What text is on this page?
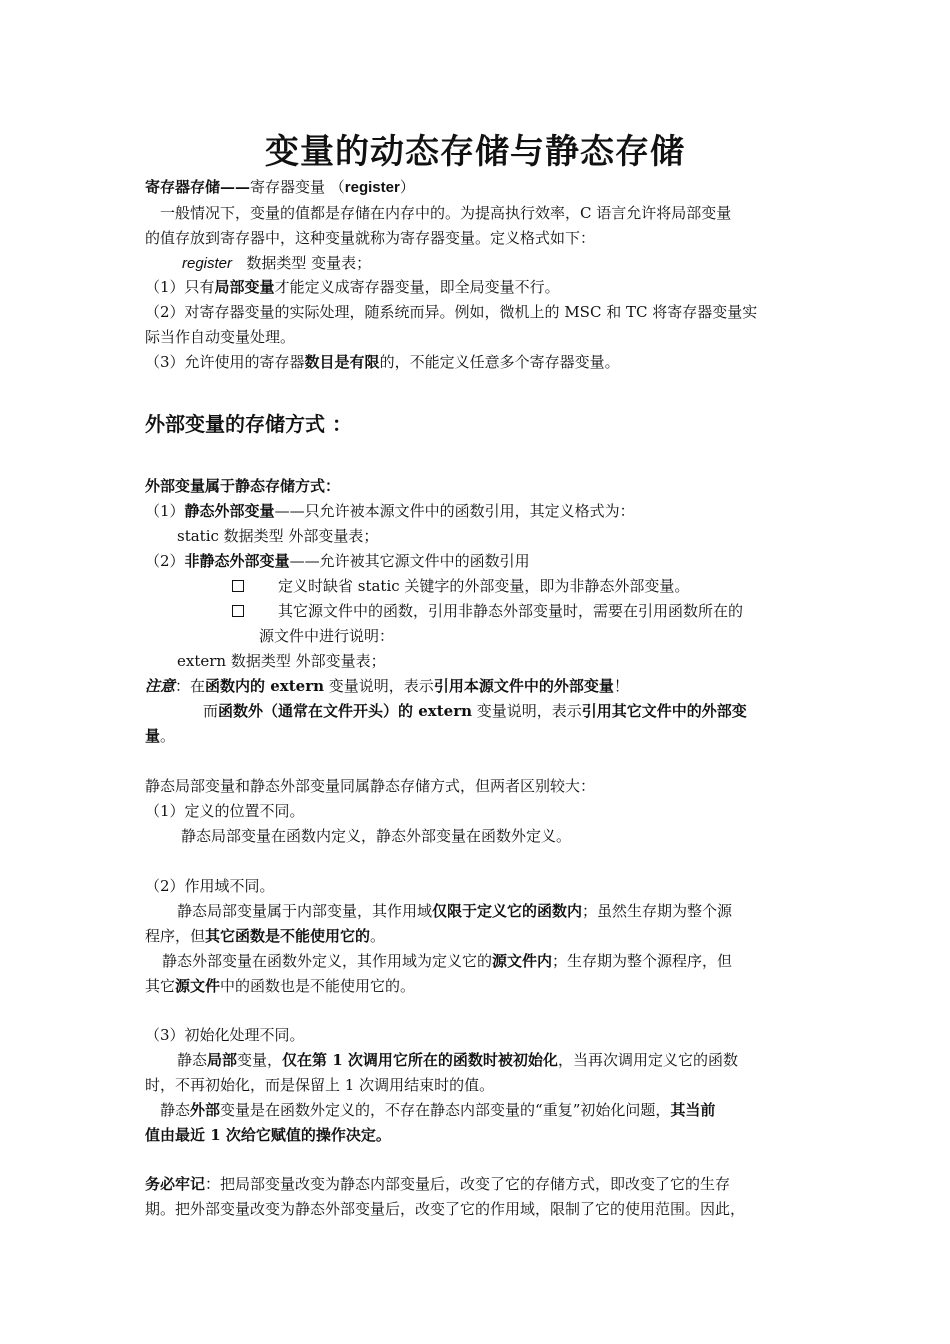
变量的动态存储与静态存储
寄存器存储——寄存器变量 （register）
一般情况下，变量的值都是存储在内存中的。为提高执行效率，C 语言允许将局部变量
的值存放到寄存器中，这种变量就称为寄存器变量。定义格式如下：
register 数据类型 变量表；
（1）只有局部变量才能定义成寄存器变量，即全局变量不行。
（2）对寄存器变量的实际处理，随系统而异。例如，微机上的 MSC 和 TC 将寄存器变量实
际当作自动变量处理。
（3）允许使用的寄存器数目是有限的，不能定义任意多个寄存器变量。
外部变量的存储方式 ：
外部变量属于静态存储方式：
（1）静态外部变量——只允许被本源文件中的函数引用，其定义格式为：
static 数据类型 外部变量表；
（2）非静态外部变量——允许被其它源文件中的函数引用
定义时缺省 static 关键字的外部变量，即为非静态外部变量。
其它源文件中的函数，引用非静态外部变量时，需要在引用函数所在的
源文件中进行说明：
extern 数据类型 外部变量表；
注意：在函数内的 extern 变量说明，表示引用本源文件中的外部变量！
而函数外（通常在文件开头）的 extern 变量说明，表示引用其它文件中的外部变
量。
静态局部变量和静态外部变量同属静态存储方式，但两者区别较大：
（1）定义的位置不同。
静态局部变量在函数内定义，静态外部变量在函数外定义。
（2）作用域不同。
静态局部变量属于内部变量，其作用域仅限于定义它的函数内；虽然生存期为整个源
程序，但其它函数是不能使用它的。
静态外部变量在函数外定义，其作用域为定义它的源文件内；生存期为整个源程序，但
其它源文件中的函数也是不能使用它的。
（3）初始化处理不同。
静态局部变量，仅在第 1 次调用它所在的函数时被初始化，当再次调用定义它的函数
时，不再初始化，而是保留上 1 次调用结束时的值。
静态外部变量是在函数外定义的，不存在静态内部变量的“重复”初始化问题，其当前
值由最近 1 次给它赋值的操作决定。
务必牢记：把局部变量改变为静态内部变量后，改变了它的存储方式，即改变了它的生存
期。把外部变量改变为静态外部变量后，改变了它的作用域，限制了它的使用范围。因此，
